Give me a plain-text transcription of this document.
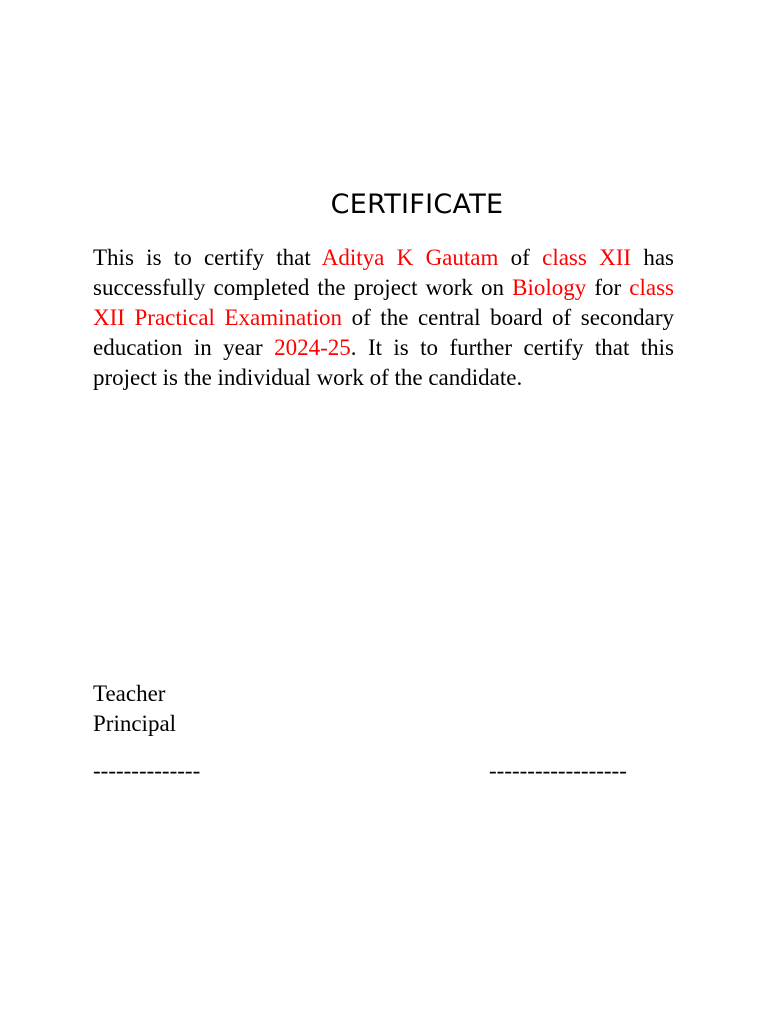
CERTIFICATE
This is to certify that Aditya K Gautam of class XII has successfully completed the project work on Biology for class XII Practical Examination of the central board of secondary education in year 2024-25. It is to further certify that this project is the individual work of the candidate.
Teacher
Principal
--------------	------------------
